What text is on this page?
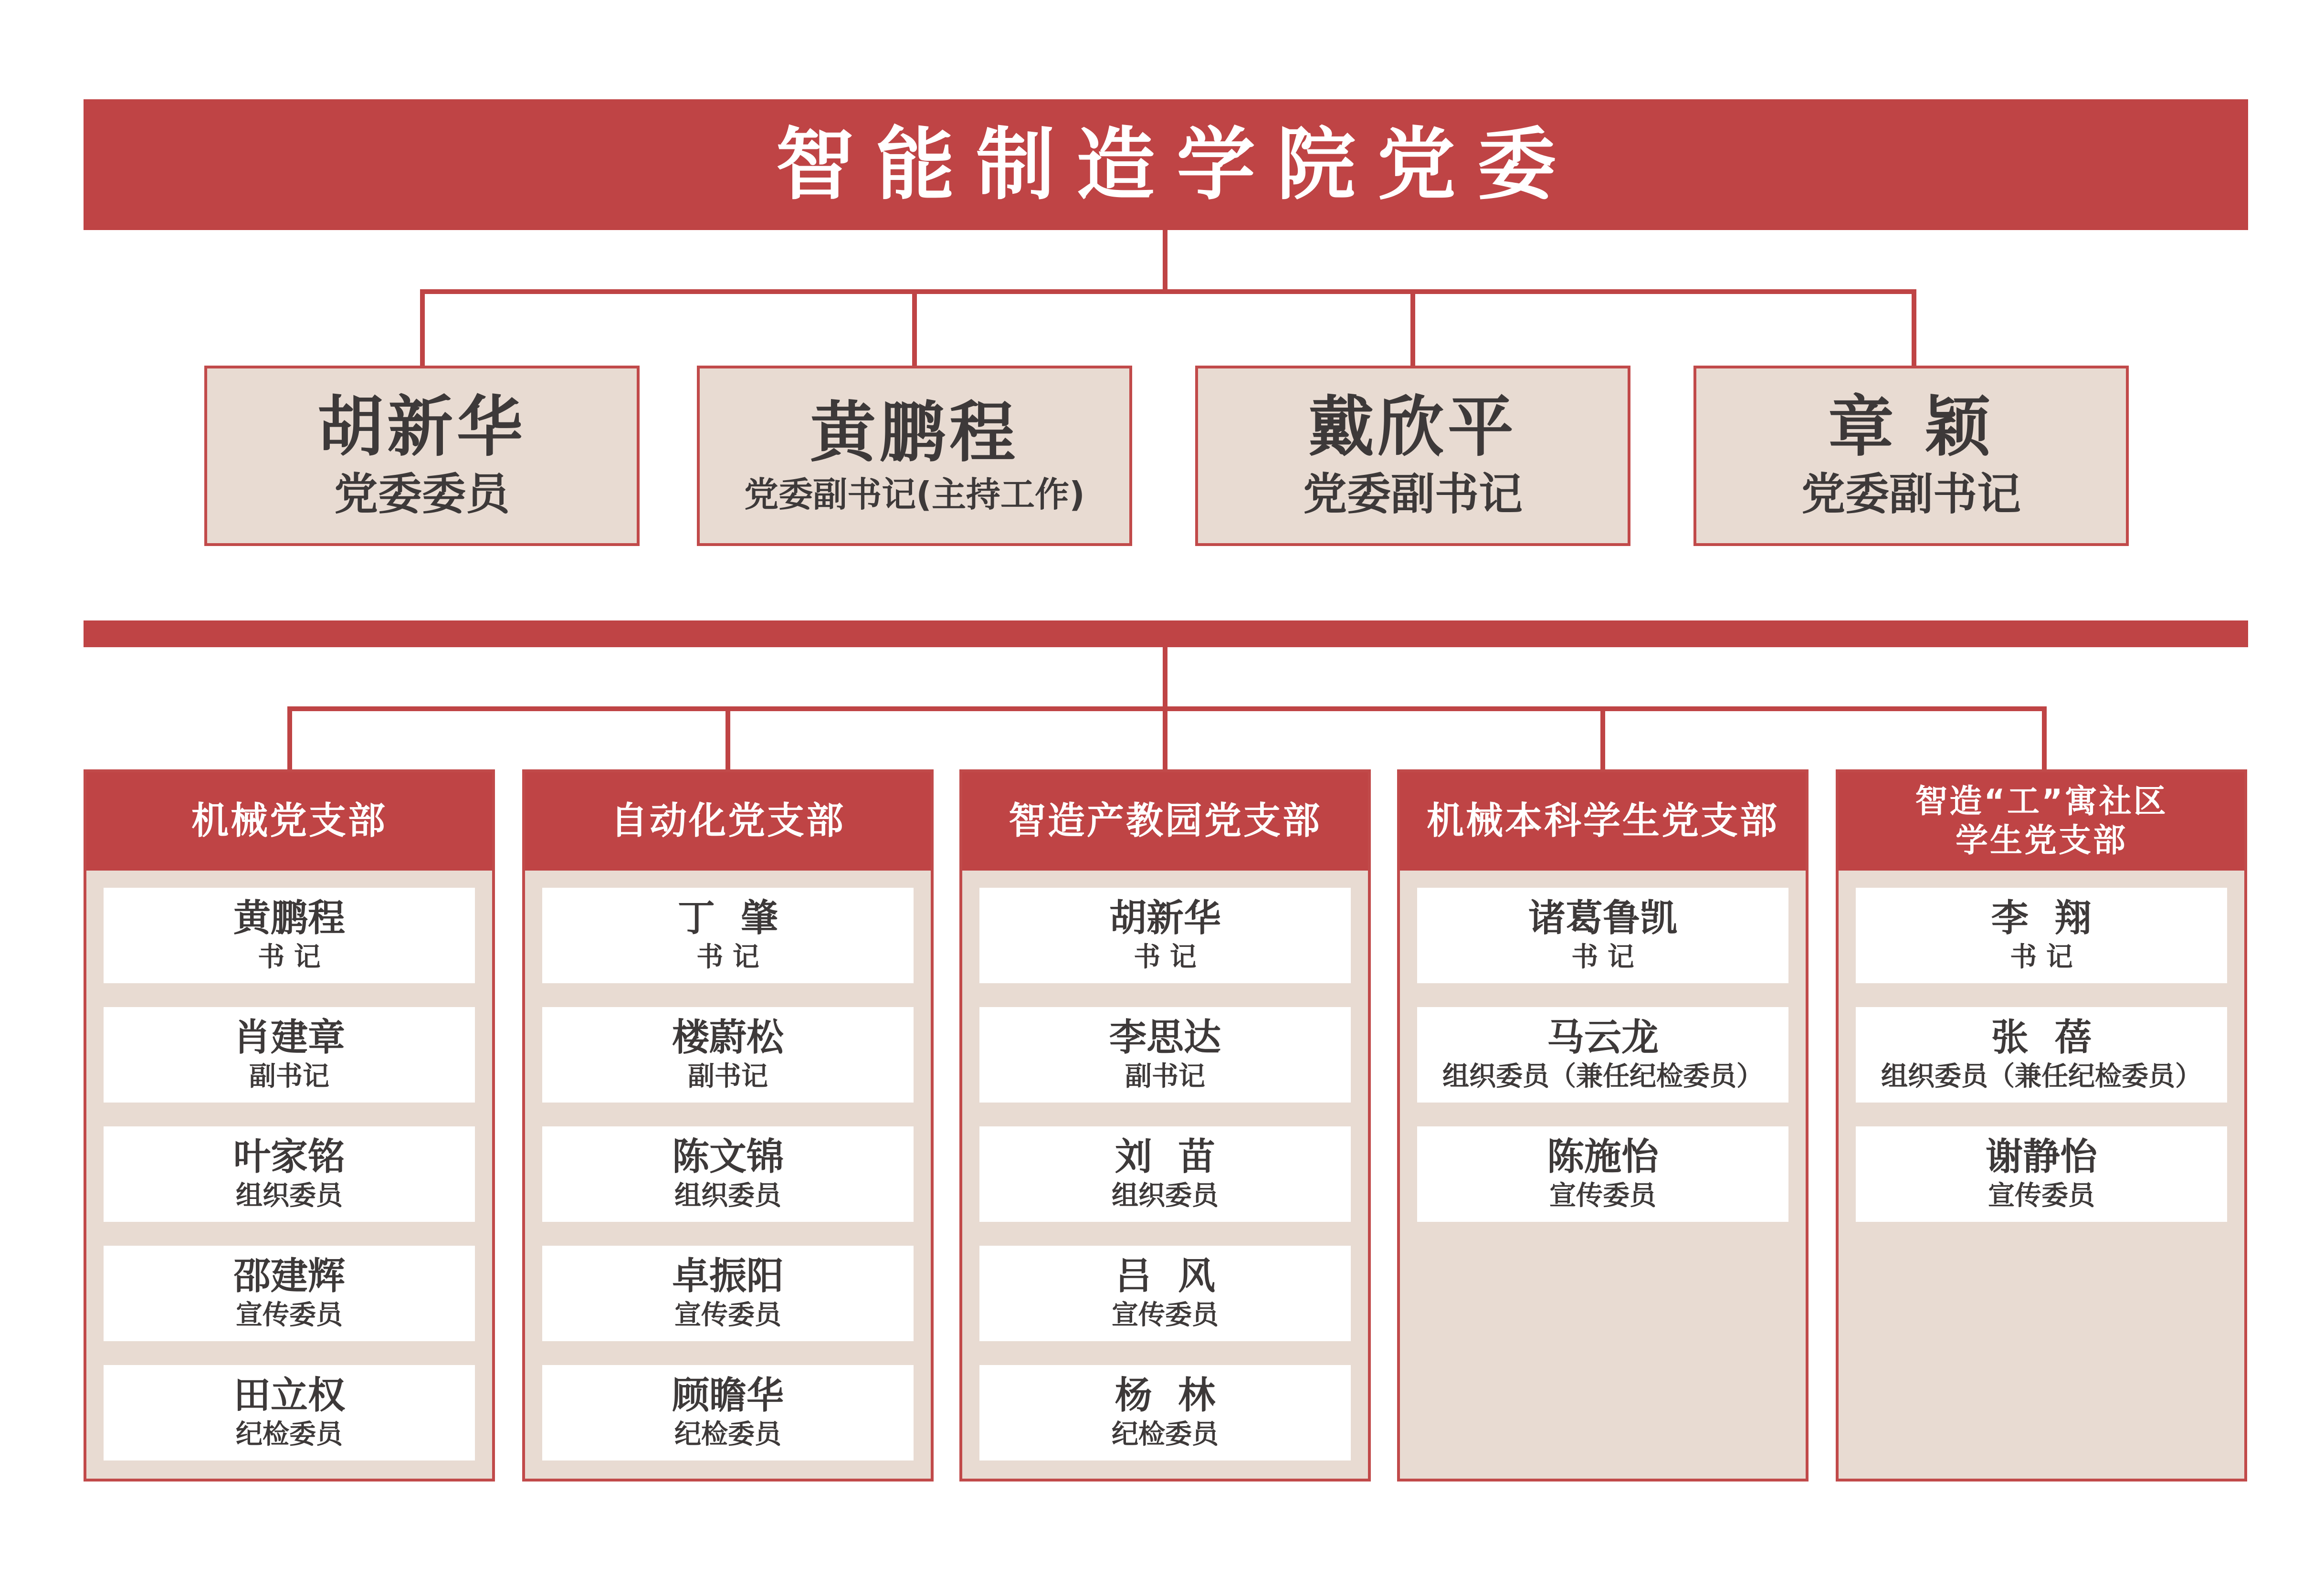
智能制造学院党委
胡新华
党委委员
黄鹏程
党委副书记(主持工作)
戴欣平
党委副书记
章 颖
党委副书记
机械党支部
黄鹏程
书 记
肖建章
副书记
叶家铭
组织委员
邵建辉
宣传委员
田立权
纪检委员
自动化党支部
丁  肇
书 记
楼蔚松
副书记
陈文锦
组织委员
卓振阳
宣传委员
顾瞻华
纪检委员
智造产教园党支部
胡新华
书 记
李思达
副书记
刘  苗
组织委员
吕  风
宣传委员
杨  林
纪检委员
机械本科学生党支部
诸葛鲁凯
书 记
马云龙
组织委员（兼任纪检委员）
陈施怡
宣传委员
智造“工”寓社区
学生党支部
李  翔
书 记
张  蓓
组织委员（兼任纪检委员）
谢静怡
宣传委员
